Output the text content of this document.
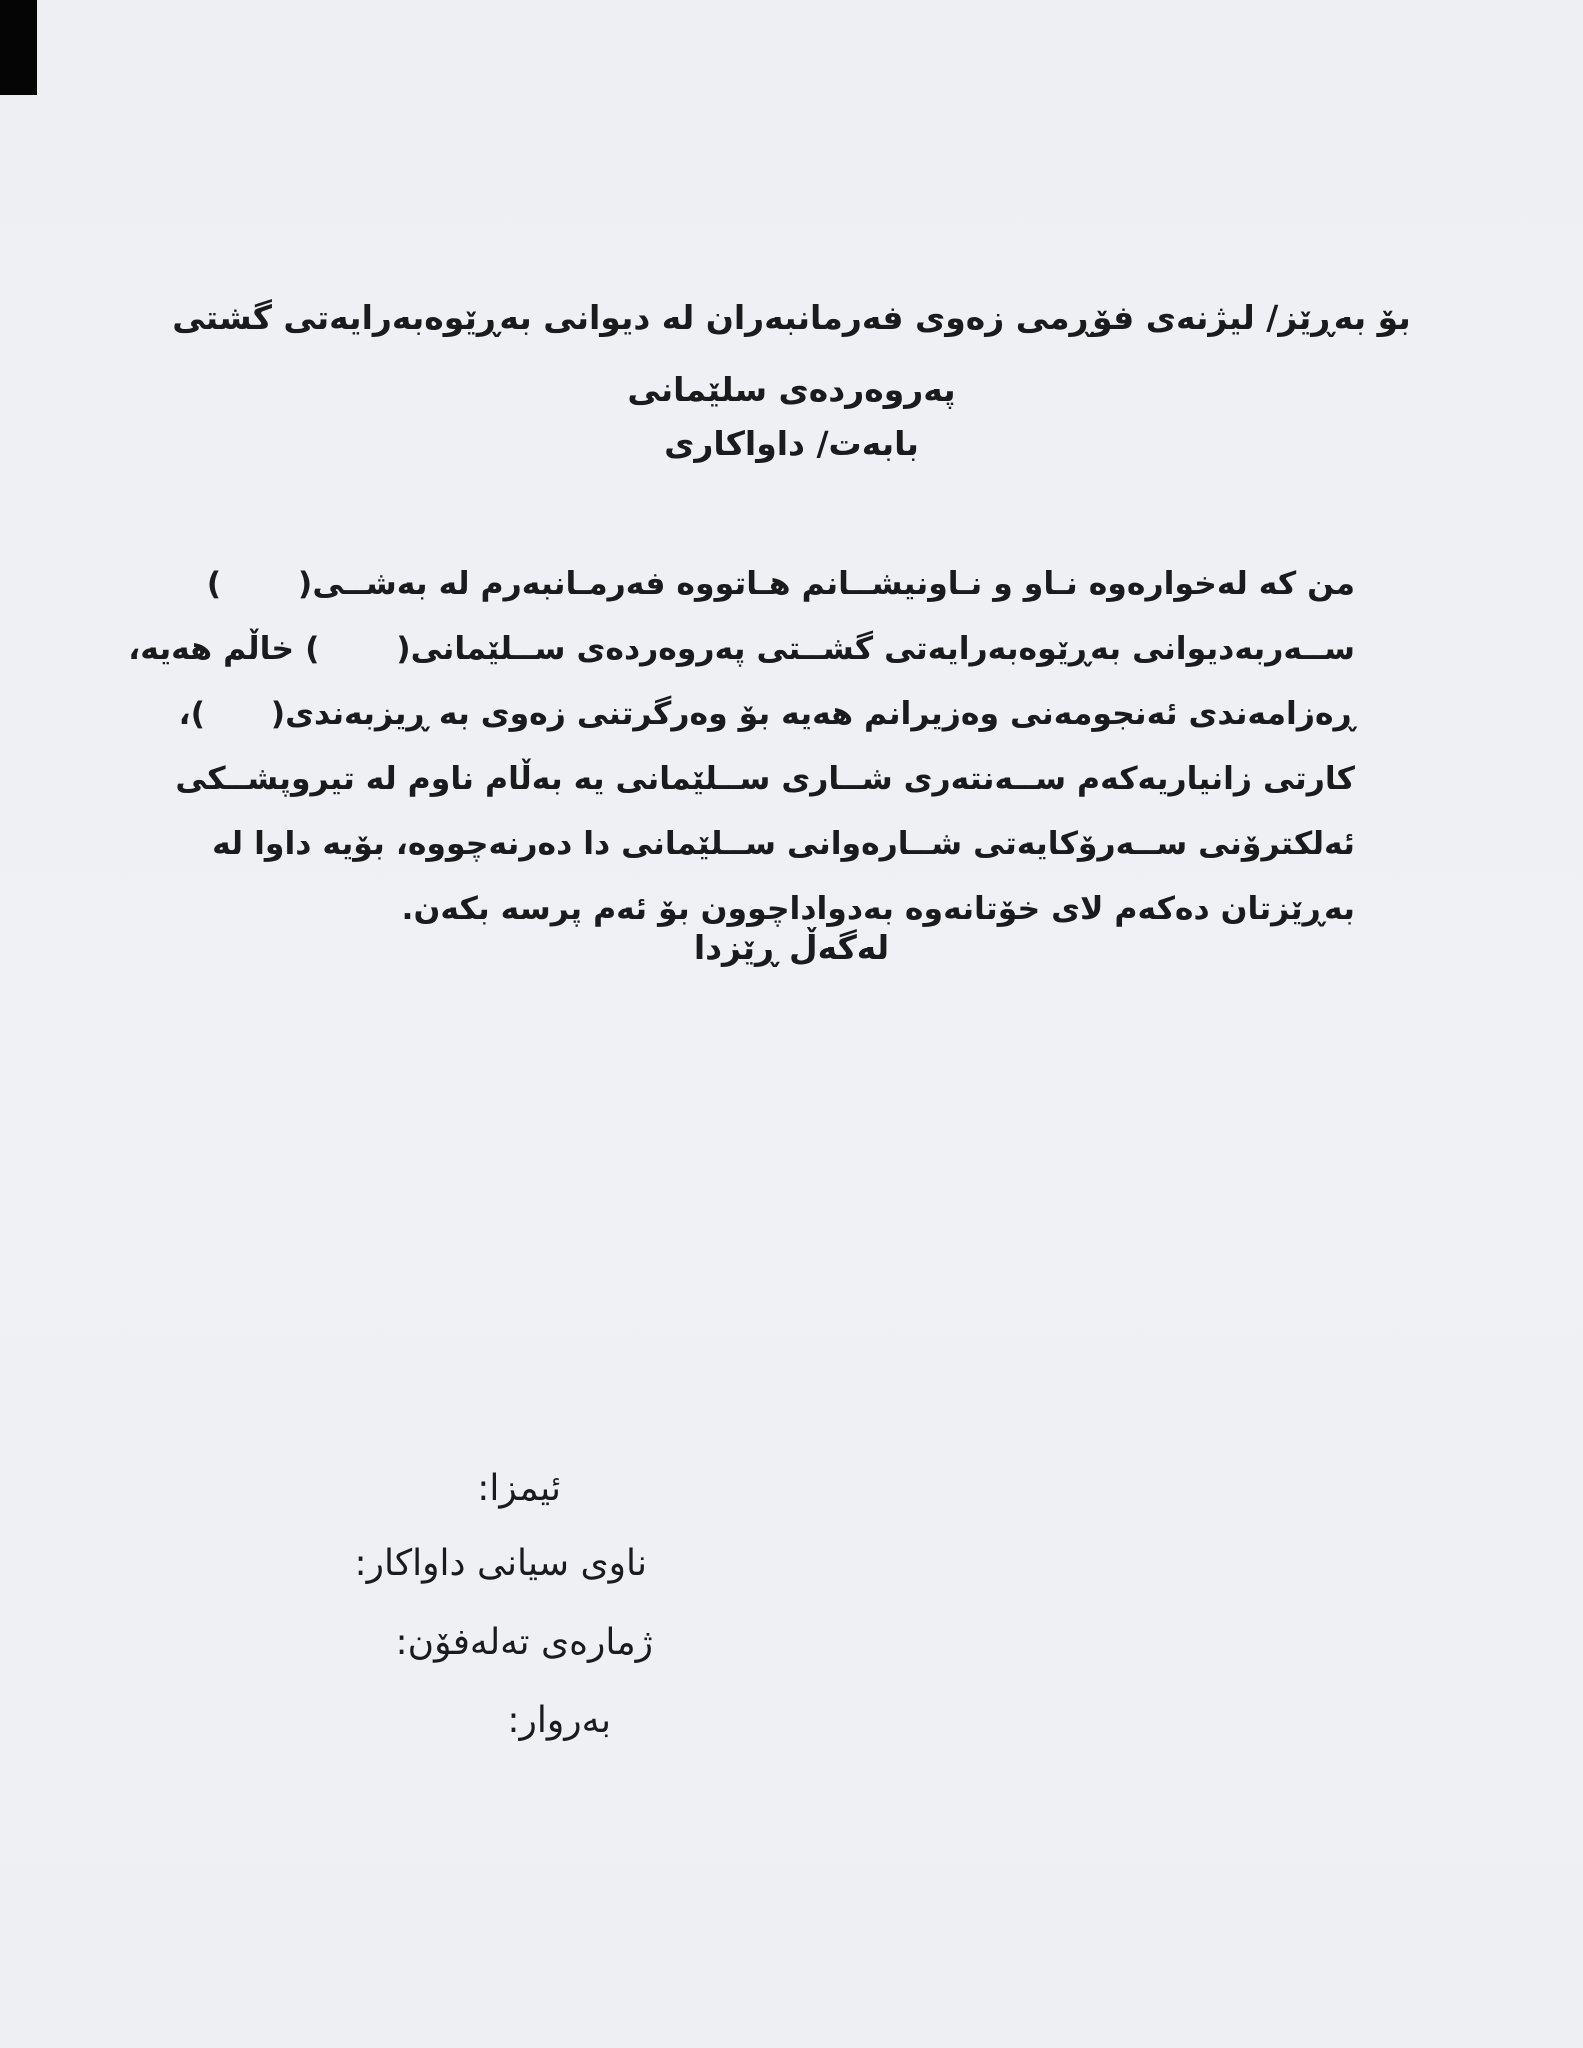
بۆ بەڕێز/ لیژنەی فۆڕمی زەوی فەرمانبەران لە دیوانی بەڕێوەبەرایەتی گشتی
پەروەردەی سلێمانی
بابەت/ داواكاری
من كە لەخوارەوە نـاو و نـاونیشــانم هـاتووە فەرمـانبەرم لە بەشــی(       )
ســەربەدیوانی بەڕێوەبەرایەتی گشــتی پەروەردەی ســلێمانی(       ) خاڵم هەیە،
ڕەزامەندی ئەنجومەنی وەزیرانم هەیە بۆ وەرگرتنی زەوی بە ڕیزبەندی(      )،
كارتی زانیاریەكەم ســەنتەری شــاری ســلێمانی یە بەڵام ناوم لە تیروپشــكی
ئەلكترۆنی ســەرۆكایەتی شــارەوانی ســلێمانی دا دەرنەچووە، بۆیە داوا لە
بەڕێزتان دەكەم لای خۆتانەوە بەدواداچوون بۆ ئەم پرسە بكەن.
لەگەڵ ڕێزدا
ئیمزا:
ناوی سیانی داواكار:
ژمارەی تەلەفۆن:
بەروار:
